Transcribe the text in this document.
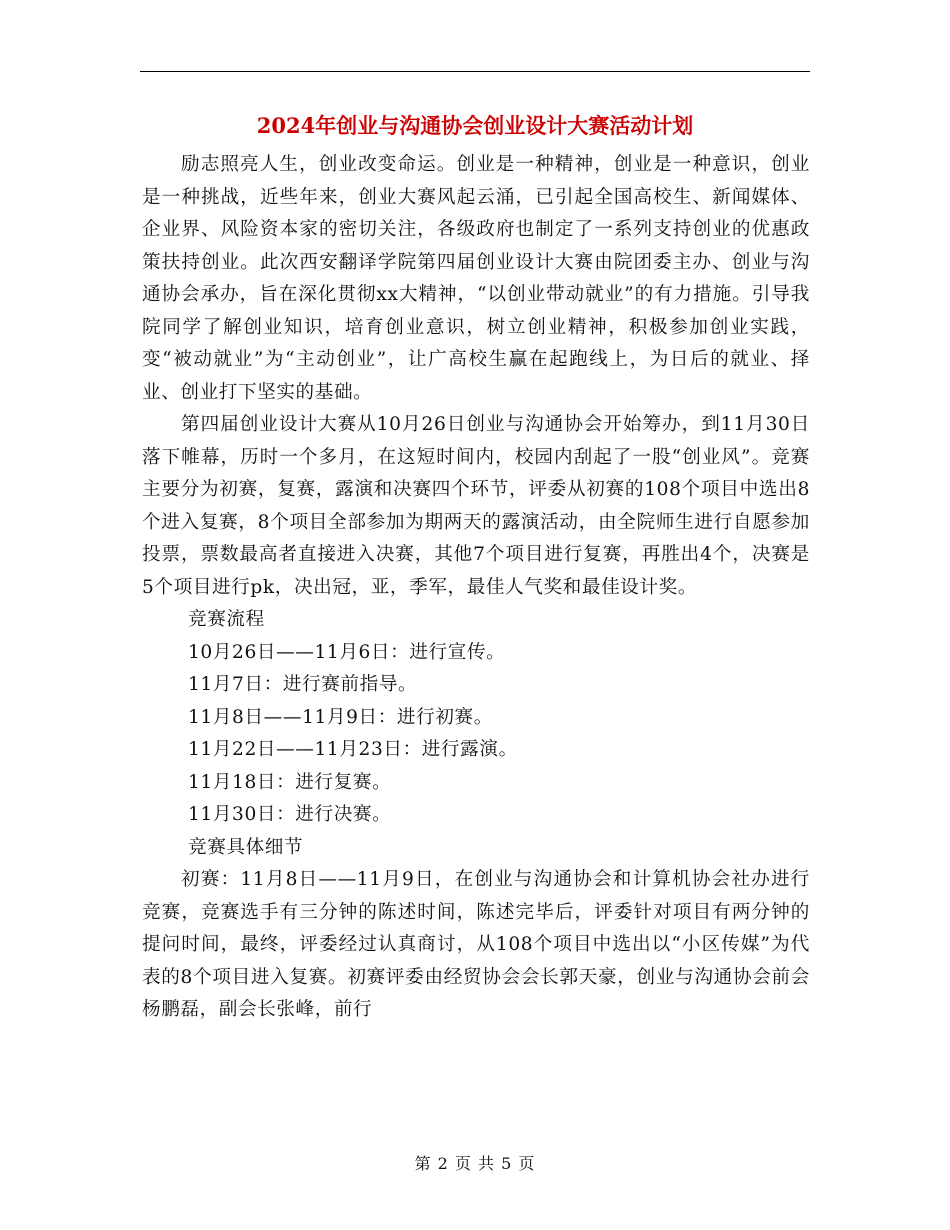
2024年创业与沟通协会创业设计大赛活动计划

励志照亮人生，创业改变命运。创业是一种精神，创业是一种意识，创业是一种挑战，近些年来，创业大赛风起云涌，已引起全国高校生、新闻媒体、企业界、风险资本家的密切关注，各级政府也制定了一系列支持创业的优惠政策扶持创业。此次西安翻译学院第四届创业设计大赛由院团委主办、创业与沟通协会承办，旨在深化贯彻xx大精神，“以创业带动就业”的有力措施。引导我院同学了解创业知识，培育创业意识，树立创业精神，积极参加创业实践，变“被动就业”为“主动创业”，让广高校生赢在起跑线上，为日后的就业、择业、创业打下坚实的基础。

第四届创业设计大赛从10月26日创业与沟通协会开始筹办，到11月30日落下帷幕，历时一个多月，在这短时间内，校园内刮起了一股“创业风”。竞赛主要分为初赛，复赛，露演和决赛四个环节，评委从初赛的108个项目中选出8个进入复赛，8个项目全部参加为期两天的露演活动，由全院师生进行自愿参加投票，票数最高者直接进入决赛，其他7个项目进行复赛，再胜出4个，决赛是5个项目进行pk，决出冠，亚，季军，最佳人气奖和最佳设计奖。

竞赛流程

10月26日——11月6日：进行宣传。

11月7日：进行赛前指导。

11月8日——11月9日：进行初赛。

11月22日——11月23日：进行露演。

11月18日：进行复赛。

11月30日：进行决赛。

竞赛具体细节

初赛：11月8日——11月9日，在创业与沟通协会和计算机协会社办进行竞赛，竞赛选手有三分钟的陈述时间，陈述完毕后，评委针对项目有两分钟的提问时间，最终，评委经过认真商讨，从108个项目中选出以“小区传媒”为代表的8个项目进入复赛。初赛评委由经贸协会会长郭天豪，创业与沟通协会前会杨鹏磊，副会长张峰，前行

第 2 页 共 5 页
